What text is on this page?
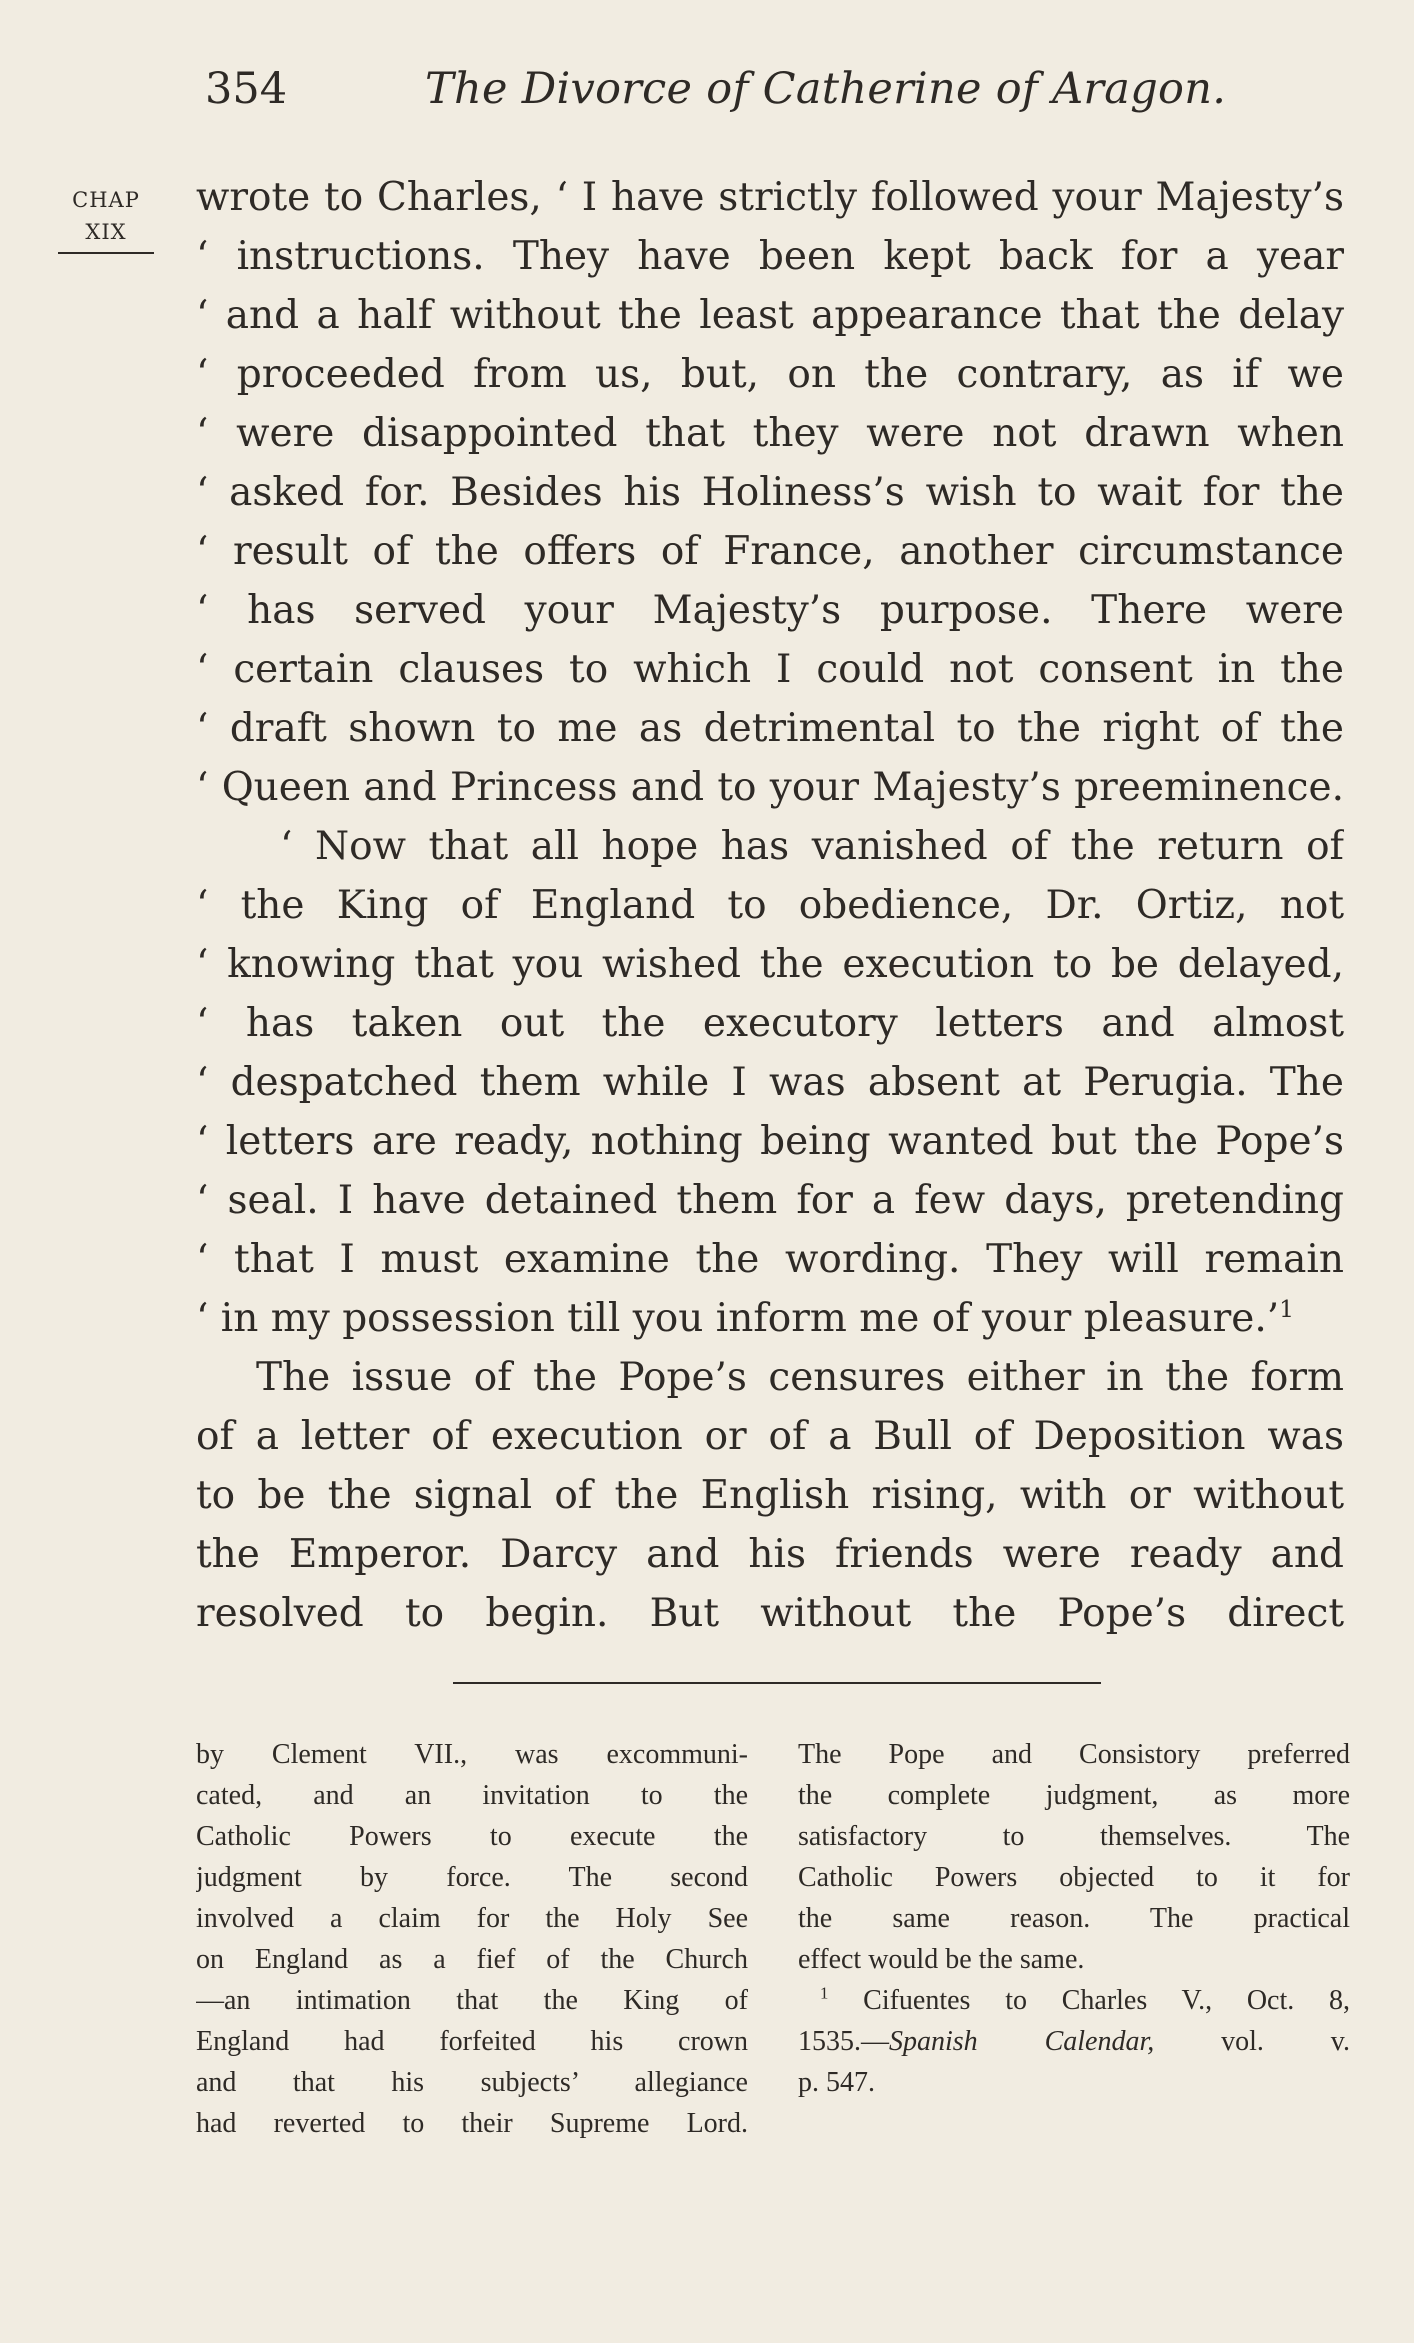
354	The Divorce of Catherine of Aragon.
CHAP
XIX
wrote to Charles, ‘ I have strictly followed your Majesty’s
‘ instructions. They have been kept back for a year
‘ and a half without the least appearance that the delay
‘ proceeded from us, but, on the contrary, as if we
‘ were disappointed that they were not drawn when
‘ asked for. Besides his Holiness’s wish to wait for the
‘ result of the offers of France, another circumstance
‘ has served your Majesty’s purpose. There were
‘ certain clauses to which I could not consent in the
‘ draft shown to me as detrimental to the right of the
‘ Queen and Princess and to your Majesty’s preeminence.
‘ Now that all hope has vanished of the return of
‘ the King of England to obedience, Dr. Ortiz, not
‘ knowing that you wished the execution to be delayed,
‘ has taken out the executory letters and almost
‘ despatched them while I was absent at Perugia. The
‘ letters are ready, nothing being wanted but the Pope’s
‘ seal. I have detained them for a few days, pretending
‘ that I must examine the wording. They will remain
‘ in my possession till you inform me of your pleasure.’$^1$
The issue of the Pope’s censures either in the form
of a letter of execution or of a Bull of Deposition was
to be the signal of the English rising, with or without
the Emperor. Darcy and his friends were ready and
resolved to begin. But without the Pope’s direct
by Clement VII., was excommuni-
cated, and an invitation to the
Catholic Powers to execute the
judgment by force. The second
involved a claim for the Holy See
on England as a fief of the Church
—an intimation that the King of
England had forfeited his crown
and that his subjects’ allegiance
had reverted to their Supreme Lord.
The Pope and Consistory preferred
the complete judgment, as more
satisfactory to themselves. The
Catholic Powers objected to it for
the same reason. The practical
effect would be the same.
$^1$ Cifuentes to Charles V., Oct. 8,
1535.—Spanish Calendar, vol. v.
p. 547.
